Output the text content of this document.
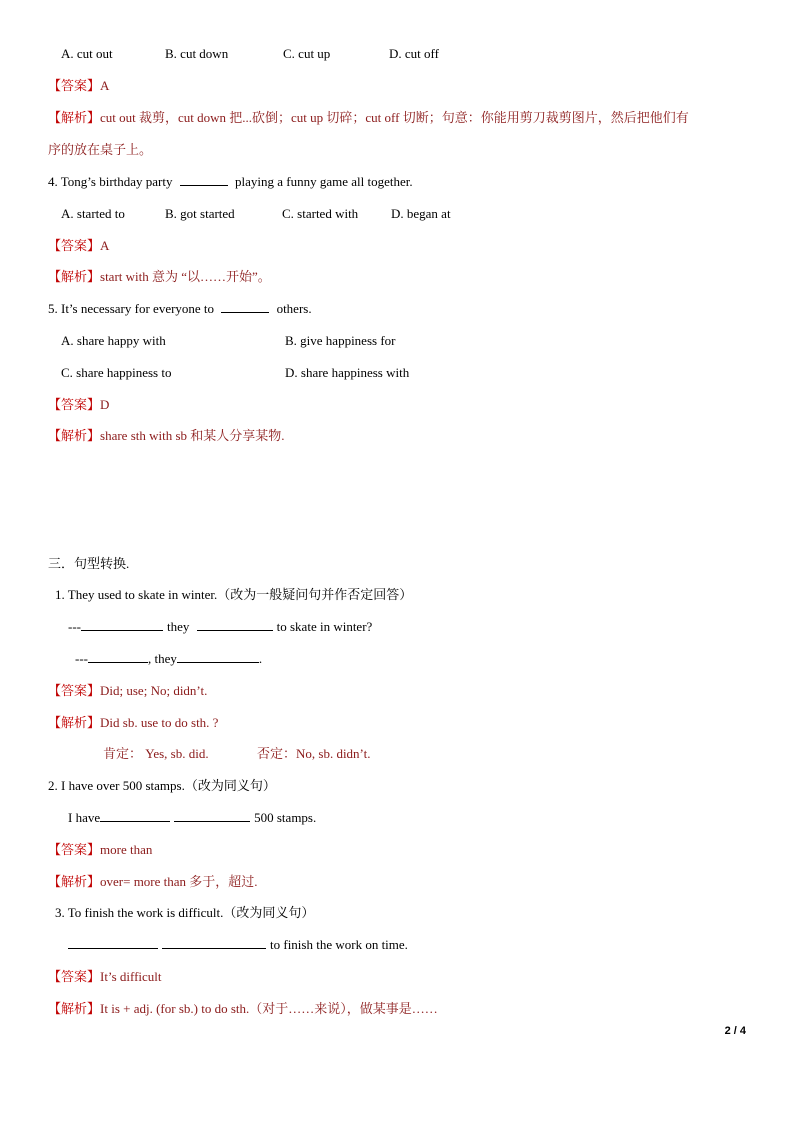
A. cut out	B. cut down	C. cut up	D. cut off
【答案】A
【解析】cut out 裁剪，cut down 把...砍倒；cut up 切碎；cut off 切断；句意：你能用剪刀裁剪图片，然后把他们有
序的放在桌子上。
4. Tong’s birthday party	playing a funny game all together.
A. started to	B. got started	C. started with	D. began at
【答案】A
【解析】start with 意为 “以……开始”。
5. It’s necessary for everyone to	others.
A. share happy with	B. give happiness for
C. share happiness to	D. share happiness with
【答案】D
【解析】share sth with sb 和某人分享某物.
三．句型转换.
1. They used to skate in winter.（改为一般疑问句并作否定回答）
---	they	to skate in winter?
---	, they	.
【答案】Did; use; No; didn’t.
【解析】Did sb. use to do sth. ?
肯定： Yes, sb. did.	否定：No, sb. didn’t.
2. I have over 500 stamps.（改为同义句）
I have	500 stamps.
【答案】more than
【解析】over= more than 多于，超过.
3. To finish the work is difficult.（改为同义句）
to finish the work on time.
【答案】It’s difficult
【解析】It is + adj. (for sb.) to do sth.（对于……来说），做某事是……
2 / 4
